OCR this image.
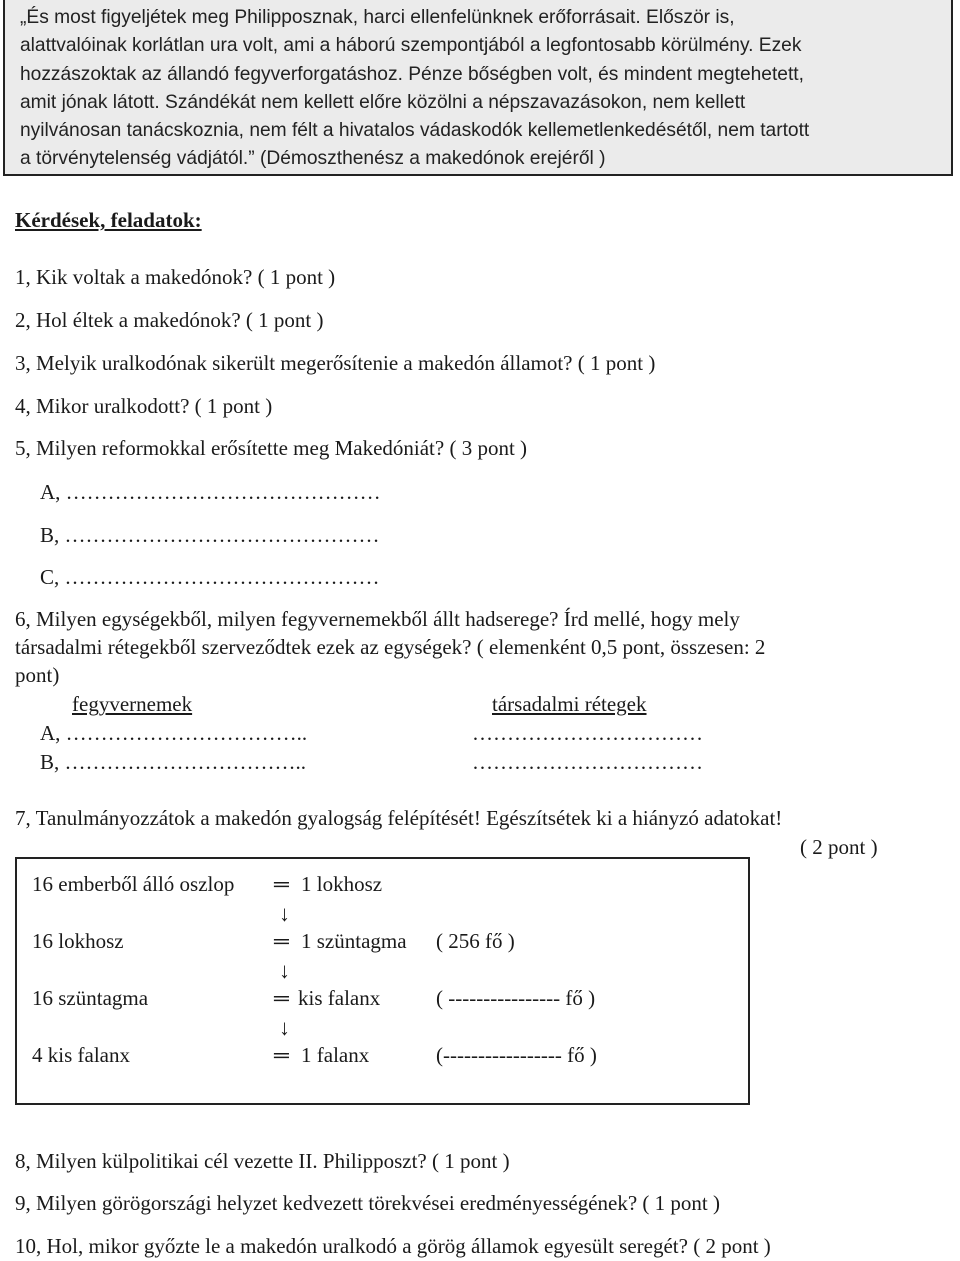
„És most figyeljétek meg Philipposznak, harci ellenfelünknek erőforrásait. Először is,
alattvalóinak korlátlan ura volt, ami a háború szempontjából a legfontosabb körülmény. Ezek
hozzászoktak az állandó fegyverforgatáshoz. Pénze bőségben volt, és mindent megtehetett,
amit jónak látott. Szándékát nem kellett előre közölni a népszavazásokon, nem kellett
nyilvánosan tanácskoznia, nem félt a hivatalos vádaskodók kellemetlenkedésétől, nem tartott
a törvénytelenség vádjától.” (Démoszthenész a makedónok erejéről )
Kérdések, feladatok:
1, Kik voltak a makedónok? ( 1 pont )
2, Hol éltek a makedónok? ( 1 pont )
3, Melyik uralkodónak sikerült megerősítenie a makedón államot? ( 1 pont )
4, Mikor uralkodott? ( 1 pont )
5, Milyen reformokkal erősítette meg Makedóniát? ( 3 pont )
A, ………………………………………
B, ………………………………………
C, ………………………………………
6, Milyen egységekből, milyen fegyvernemekből állt hadserege? Írd mellé, hogy mely
társadalmi rétegekből szerveződtek ezek az egységek? ( elemenként 0,5 pont, összesen: 2
pont)
fegyvernemek	társadalmi rétegek
A, ……………………………..	……………………………
B, ……………………………..	……………………………
7, Tanulmányozzátok a makedón gyalogság felépítését! Egészítsétek ki a hiányzó adatokat!
( 2 pont )
16 emberből álló oszlop ═ 1 lokhosz
↓
16 lokhosz	═ 1 szüntagma ( 256 fő )
↓
16 szüntagma	═ kis falanx	( ---------------- fő )
↓
4 kis falanx	═ 1 falanx	(----------------- fő )
8, Milyen külpolitikai cél vezette II. Philipposzt? ( 1 pont )
9, Milyen görögországi helyzet kedvezett törekvései eredményességének? ( 1 pont )
10, Hol, mikor győzte le a makedón uralkodó a görög államok egyesült seregét? ( 2 pont )
